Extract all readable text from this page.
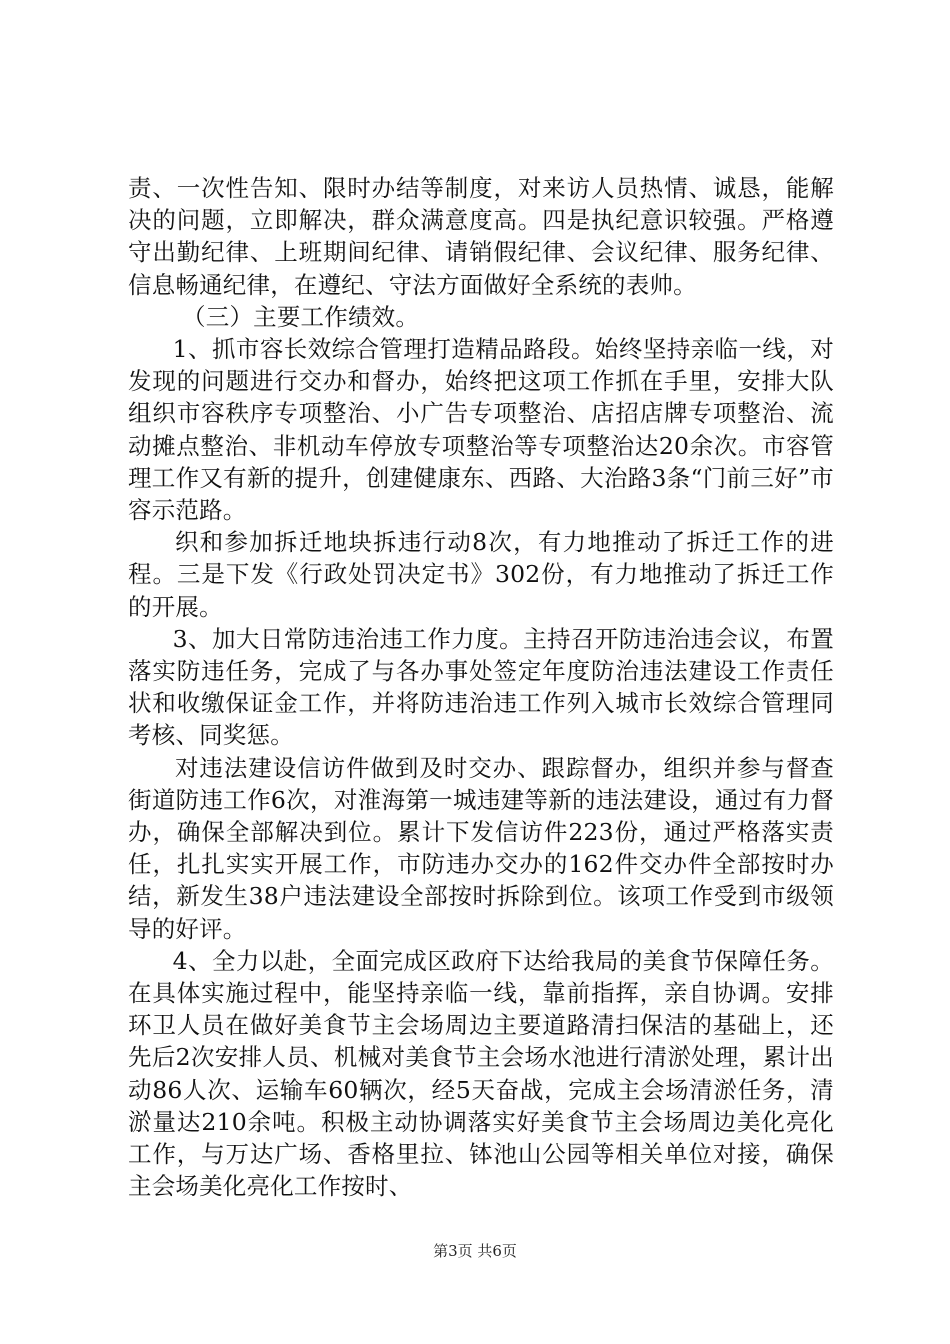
责、一次性告知、限时办结等制度，对来访人员热情、诚恳，能解决的问题，立即解决，群众满意度高。四是执纪意识较强。严格遵守出勤纪律、上班期间纪律、请销假纪律、会议纪律、服务纪律、信息畅通纪律，在遵纪、守法方面做好全系统的表帅。

（三）主要工作绩效。

1、抓市容长效综合管理打造精品路段。始终坚持亲临一线，对发现的问题进行交办和督办，始终把这项工作抓在手里，安排大队组织市容秩序专项整治、小广告专项整治、店招店牌专项整治、流动摊点整治、非机动车停放专项整治等专项整治达20余次。市容管理工作又有新的提升，创建健康东、西路、大治路3条“门前三好”市容示范路。

织和参加拆迁地块拆违行动8次，有力地推动了拆迁工作的进程。三是下发《行政处罚决定书》302份，有力地推动了拆迁工作的开展。

3、加大日常防违治违工作力度。主持召开防违治违会议，布置落实防违任务，完成了与各办事处签定年度防治违法建设工作责任状和收缴保证金工作，并将防违治违工作列入城市长效综合管理同考核、同奖惩。

对违法建设信访件做到及时交办、跟踪督办，组织并参与督查街道防违工作6次，对淮海第一城违建等新的违法建设，通过有力督办，确保全部解决到位。累计下发信访件223份，通过严格落实责任，扎扎实实开展工作，市防违办交办的162件交办件全部按时办结，新发生38户违法建设全部按时拆除到位。该项工作受到市级领导的好评。

4、全力以赴，全面完成区政府下达给我局的美食节保障任务。在具体实施过程中，能坚持亲临一线，靠前指挥，亲自协调。安排环卫人员在做好美食节主会场周边主要道路清扫保洁的基础上，还先后2次安排人员、机械对美食节主会场水池进行清淤处理，累计出动86人次、运输车60辆次，经5天奋战，完成主会场清淤任务，清淤量达210余吨。积极主动协调落实好美食节主会场周边美化亮化工作，与万达广场、香格里拉、钵池山公园等相关单位对接，确保主会场美化亮化工作按时、

第3页 共6页
